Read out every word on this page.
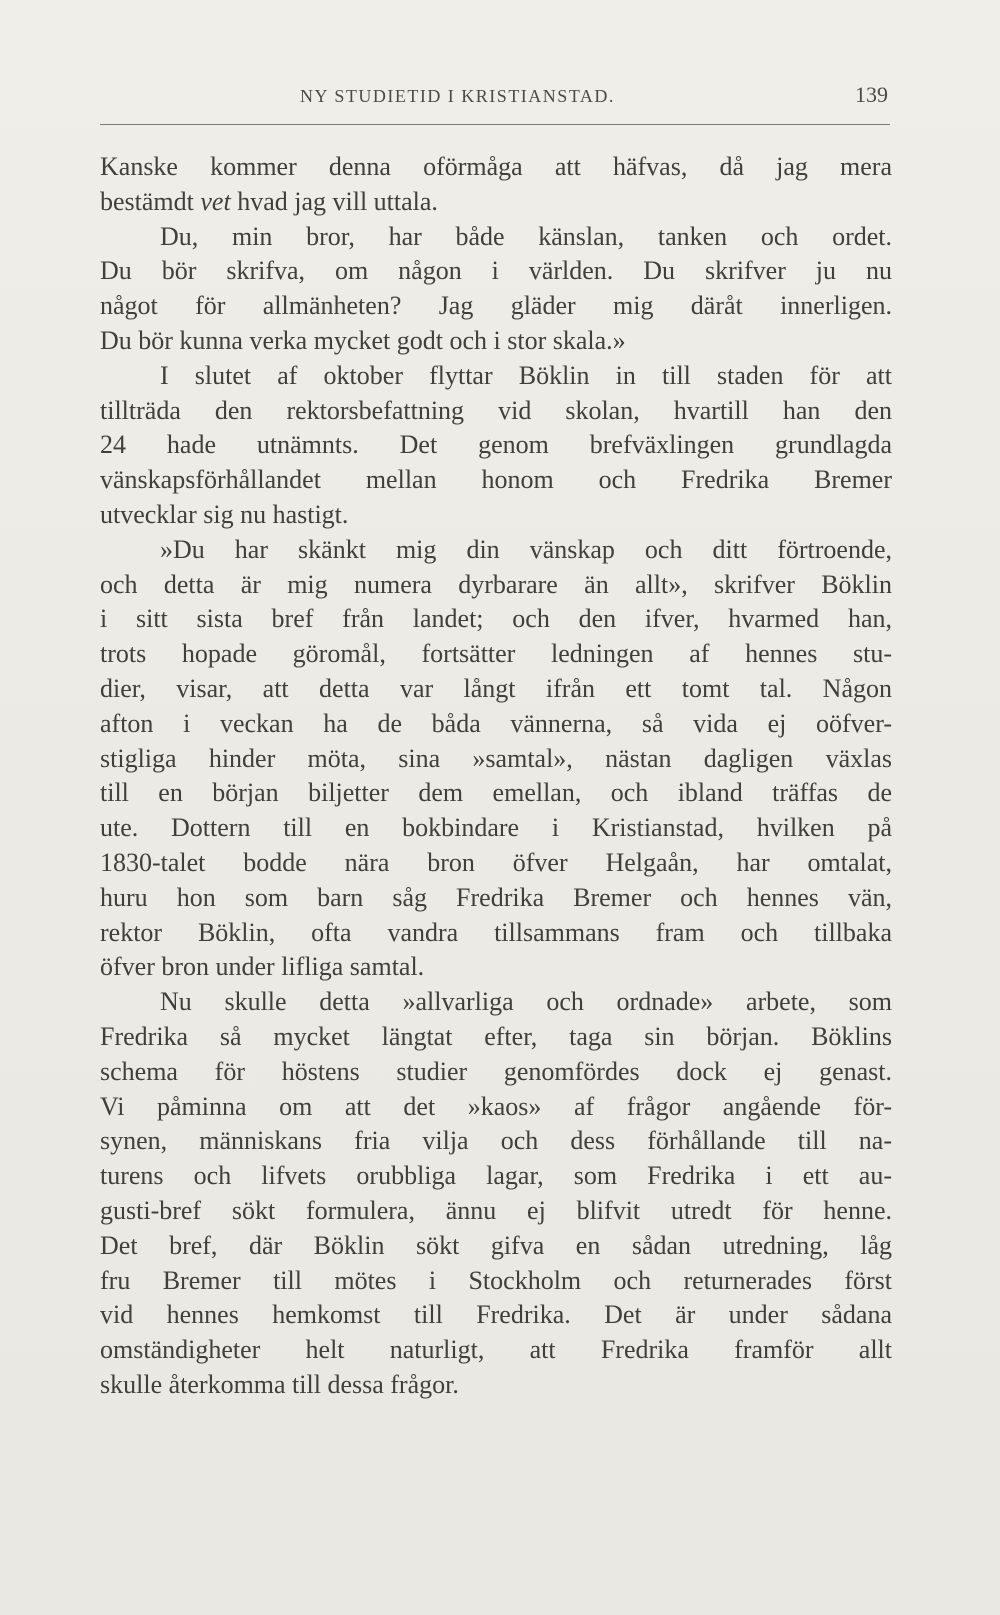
NY STUDIETID I KRISTIANSTAD.	139
Kanske kommer denna oförmåga att häfvas, då jag mera
bestämdt vet hvad jag vill uttala.
Du, min bror, har både känslan, tanken och ordet.
Du bör skrifva, om någon i världen. Du skrifver ju nu
något för allmänheten? Jag gläder mig däråt innerligen.
Du bör kunna verka mycket godt och i stor skala.»
I slutet af oktober flyttar Böklin in till staden för att
tillträda den rektorsbefattning vid skolan, hvartill han den
24 hade utnämnts. Det genom brefväxlingen grundlagda
vänskapsförhållandet mellan honom och Fredrika Bremer
utvecklar sig nu hastigt.
»Du har skänkt mig din vänskap och ditt förtroende,
och detta är mig numera dyrbarare än allt», skrifver Böklin
i sitt sista bref från landet; och den ifver, hvarmed han,
trots hopade göromål, fortsätter ledningen af hennes stu-
dier, visar, att detta var långt ifrån ett tomt tal. Någon
afton i veckan ha de båda vännerna, så vida ej oöfver-
stigliga hinder möta, sina »samtal», nästan dagligen växlas
till en början biljetter dem emellan, och ibland träffas de
ute. Dottern till en bokbindare i Kristianstad, hvilken på
1830-talet bodde nära bron öfver Helgaån, har omtalat,
huru hon som barn såg Fredrika Bremer och hennes vän,
rektor Böklin, ofta vandra tillsammans fram och tillbaka
öfver bron under lifliga samtal.
Nu skulle detta »allvarliga och ordnade» arbete, som
Fredrika så mycket längtat efter, taga sin början. Böklins
schema för höstens studier genomfördes dock ej genast.
Vi påminna om att det »kaos» af frågor angående för-
synen, människans fria vilja och dess förhållande till na-
turens och lifvets orubbliga lagar, som Fredrika i ett au-
gusti-bref sökt formulera, ännu ej blifvit utredt för henne.
Det bref, där Böklin sökt gifva en sådan utredning, låg
fru Bremer till mötes i Stockholm och returnerades först
vid hennes hemkomst till Fredrika. Det är under sådana
omständigheter helt naturligt, att Fredrika framför allt
skulle återkomma till dessa frågor.
